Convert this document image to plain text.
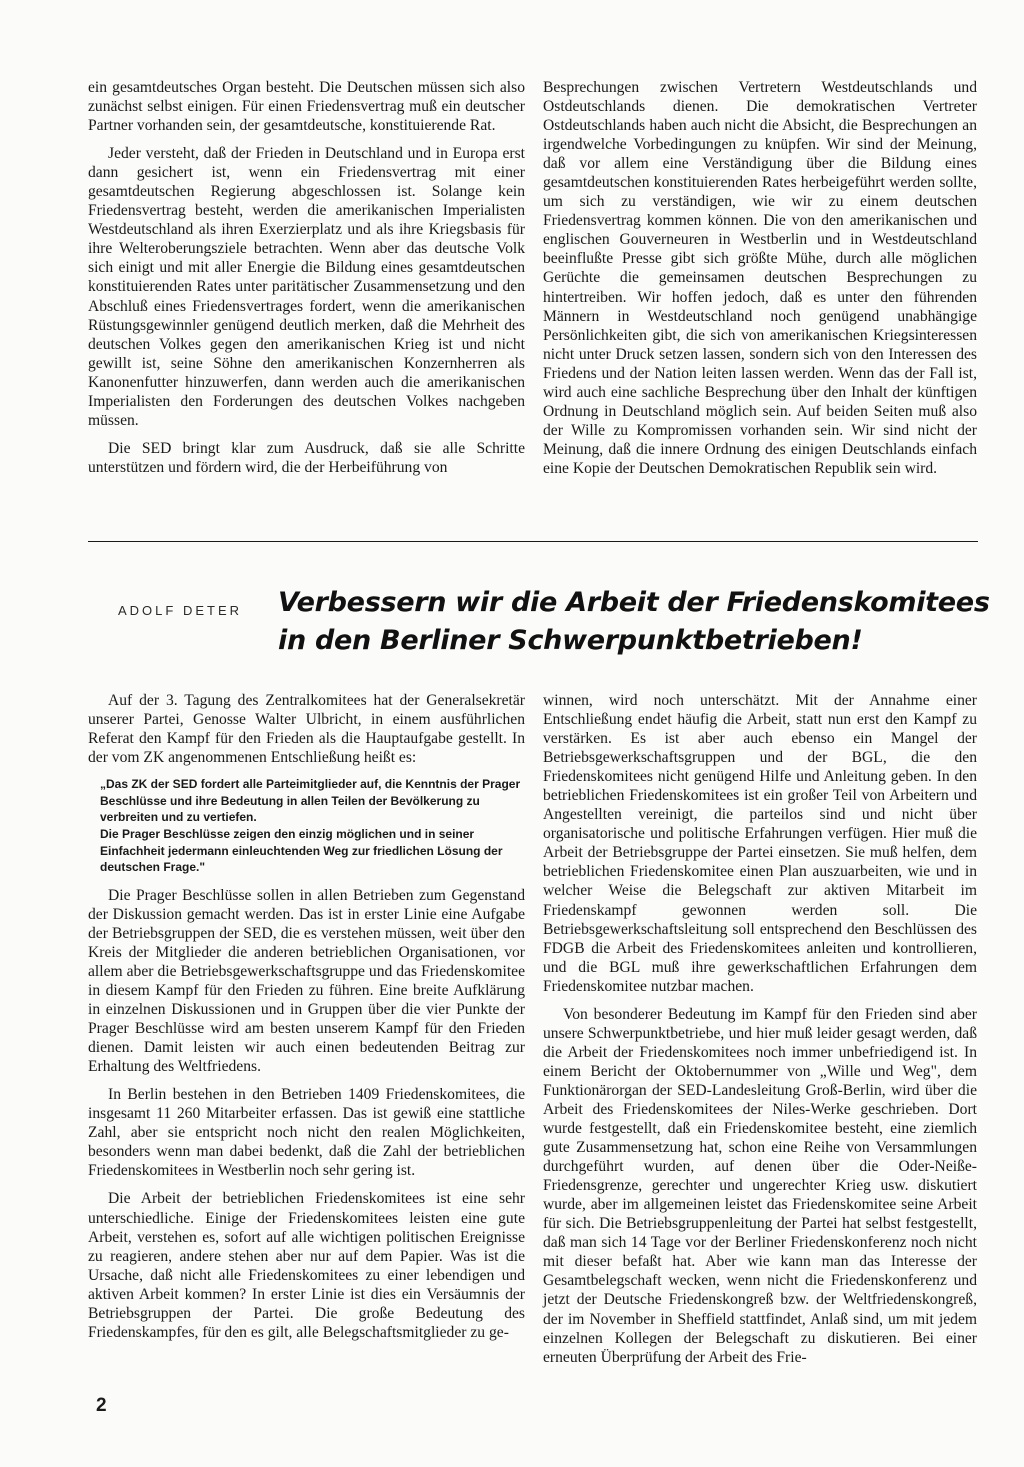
ein gesamtdeutsches Organ besteht. Die Deutschen müssen sich also zunächst selbst einigen. Für einen Friedensvertrag muß ein deutscher Partner vorhanden sein, der gesamtdeutsche, konstituierende Rat.

Jeder versteht, daß der Frieden in Deutschland und in Europa erst dann gesichert ist, wenn ein Friedensvertrag mit einer gesamtdeutschen Regierung abgeschlossen ist. Solange kein Friedensvertrag besteht, werden die amerikanischen Imperialisten Westdeutschland als ihren Exerzierplatz und als ihre Kriegsbasis für ihre Welteroberungsziele betrachten. Wenn aber das deutsche Volk sich einigt und mit aller Energie die Bildung eines gesamtdeutschen konstituierenden Rates unter paritätischer Zusammensetzung und den Abschluß eines Friedensvertrages fordert, wenn die amerikanischen Rüstungsgewinnler genügend deutlich merken, daß die Mehrheit des deutschen Volkes gegen den amerikanischen Krieg ist und nicht gewillt ist, seine Söhne den amerikanischen Konzernherren als Kanonenfutter hinzuwerfen, dann werden auch die amerikanischen Imperialisten den Forderungen des deutschen Volkes nachgeben müssen.

Die SED bringt klar zum Ausdruck, daß sie alle Schritte unterstützen und fördern wird, die der Herbeiführung von

Besprechungen zwischen Vertretern Westdeutschlands und Ostdeutschlands dienen. Die demokratischen Vertreter Ostdeutschlands haben auch nicht die Absicht, die Besprechungen an irgendwelche Vorbedingungen zu knüpfen. Wir sind der Meinung, daß vor allem eine Verständigung über die Bildung eines gesamtdeutschen konstituierenden Rates herbeigeführt werden sollte, um sich zu verständigen, wie wir zu einem deutschen Friedensvertrag kommen können. Die von den amerikanischen und englischen Gouverneuren in Westberlin und in Westdeutschland beeinflußte Presse gibt sich größte Mühe, durch alle möglichen Gerüchte die gemeinsamen deutschen Besprechungen zu hintertreiben. Wir hoffen jedoch, daß es unter den führenden Männern in Westdeutschland noch genügend unabhängige Persönlichkeiten gibt, die sich von amerikanischen Kriegsinteressen nicht unter Druck setzen lassen, sondern sich von den Interessen des Friedens und der Nation leiten lassen werden. Wenn das der Fall ist, wird auch eine sachliche Besprechung über den Inhalt der künftigen Ordnung in Deutschland möglich sein. Auf beiden Seiten muß also der Wille zu Kompromissen vorhanden sein. Wir sind nicht der Meinung, daß die innere Ordnung des einigen Deutschlands einfach eine Kopie der Deutschen Demokratischen Republik sein wird.

ADOLF DETER Verbessern wir die Arbeit der Friedenskomitees
in den Berliner Schwerpunktbetrieben!

Auf der 3. Tagung des Zentralkomitees hat der Generalsekretär unserer Partei, Genosse Walter Ulbricht, in einem ausführlichen Referat den Kampf für den Frieden als die Hauptaufgabe gestellt. In der vom ZK angenommenen Entschließung heißt es:

„Das ZK der SED fordert alle Parteimitglieder auf, die Kenntnis der Prager Beschlüsse und ihre Bedeutung in allen Teilen der Bevölkerung zu verbreiten und zu vertiefen.
Die Prager Beschlüsse zeigen den einzig möglichen und in seiner Einfachheit jedermann einleuchtenden Weg zur friedlichen Lösung der deutschen Frage."

Die Prager Beschlüsse sollen in allen Betrieben zum Gegenstand der Diskussion gemacht werden. Das ist in erster Linie eine Aufgabe der Betriebsgruppen der SED, die es verstehen müssen, weit über den Kreis der Mitglieder die anderen betrieblichen Organisationen, vor allem aber die Betriebsgewerkschaftsgruppe und das Friedenskomitee in diesem Kampf für den Frieden zu führen. Eine breite Aufklärung in einzelnen Diskussionen und in Gruppen über die vier Punkte der Prager Beschlüsse wird am besten unserem Kampf für den Frieden dienen. Damit leisten wir auch einen bedeutenden Beitrag zur Erhaltung des Weltfriedens.

In Berlin bestehen in den Betrieben 1409 Friedenskomitees, die insgesamt 11 260 Mitarbeiter erfassen. Das ist gewiß eine stattliche Zahl, aber sie entspricht noch nicht den realen Möglichkeiten, besonders wenn man dabei bedenkt, daß die Zahl der betrieblichen Friedenskomitees in Westberlin noch sehr gering ist.

Die Arbeit der betrieblichen Friedenskomitees ist eine sehr unterschiedliche. Einige der Friedenskomitees leisten eine gute Arbeit, verstehen es, sofort auf alle wichtigen politischen Ereignisse zu reagieren, andere stehen aber nur auf dem Papier. Was ist die Ursache, daß nicht alle Friedenskomitees zu einer lebendigen und aktiven Arbeit kommen? In erster Linie ist dies ein Versäumnis der Betriebsgruppen der Partei. Die große Bedeutung des Friedenskampfes, für den es gilt, alle Belegschaftsmitglieder zu ge-

winnen, wird noch unterschätzt. Mit der Annahme einer Entschließung endet häufig die Arbeit, statt nun erst den Kampf zu verstärken. Es ist aber auch ebenso ein Mangel der Betriebsgewerkschaftsgruppen und der BGL, die den Friedenskomitees nicht genügend Hilfe und Anleitung geben. In den betrieblichen Friedenskomitees ist ein großer Teil von Arbeitern und Angestellten vereinigt, die parteilos sind und nicht über organisatorische und politische Erfahrungen verfügen. Hier muß die Arbeit der Betriebsgruppe der Partei einsetzen. Sie muß helfen, dem betrieblichen Friedenskomitee einen Plan auszuarbeiten, wie und in welcher Weise die Belegschaft zur aktiven Mitarbeit im Friedenskampf gewonnen werden soll. Die Betriebsgewerkschaftsleitung soll entsprechend den Beschlüssen des FDGB die Arbeit des Friedenskomitees anleiten und kontrollieren, und die BGL muß ihre gewerkschaftlichen Erfahrungen dem Friedenskomitee nutzbar machen.

Von besonderer Bedeutung im Kampf für den Frieden sind aber unsere Schwerpunktbetriebe, und hier muß leider gesagt werden, daß die Arbeit der Friedenskomitees noch immer unbefriedigend ist. In einem Bericht der Oktobernummer von „Wille und Weg", dem Funktionärorgan der SED-Landesleitung Groß-Berlin, wird über die Arbeit des Friedenskomitees der Niles-Werke geschrieben. Dort wurde festgestellt, daß ein Friedenskomitee besteht, eine ziemlich gute Zusammensetzung hat, schon eine Reihe von Versammlungen durchgeführt wurden, auf denen über die Oder-Neiße-Friedensgrenze, gerechter und ungerechter Krieg usw. diskutiert wurde, aber im allgemeinen leistet das Friedenskomitee seine Arbeit für sich. Die Betriebsgruppenleitung der Partei hat selbst festgestellt, daß man sich 14 Tage vor der Berliner Friedenskonferenz noch nicht mit dieser befaßt hat. Aber wie kann man das Interesse der Gesamtbelegschaft wecken, wenn nicht die Friedenskonferenz und jetzt der Deutsche Friedenskongreß bzw. der Weltfriedenskongreß, der im November in Sheffield stattfindet, Anlaß sind, um mit jedem einzelnen Kollegen der Belegschaft zu diskutieren. Bei einer erneuten Überprüfung der Arbeit des Frie-

2
